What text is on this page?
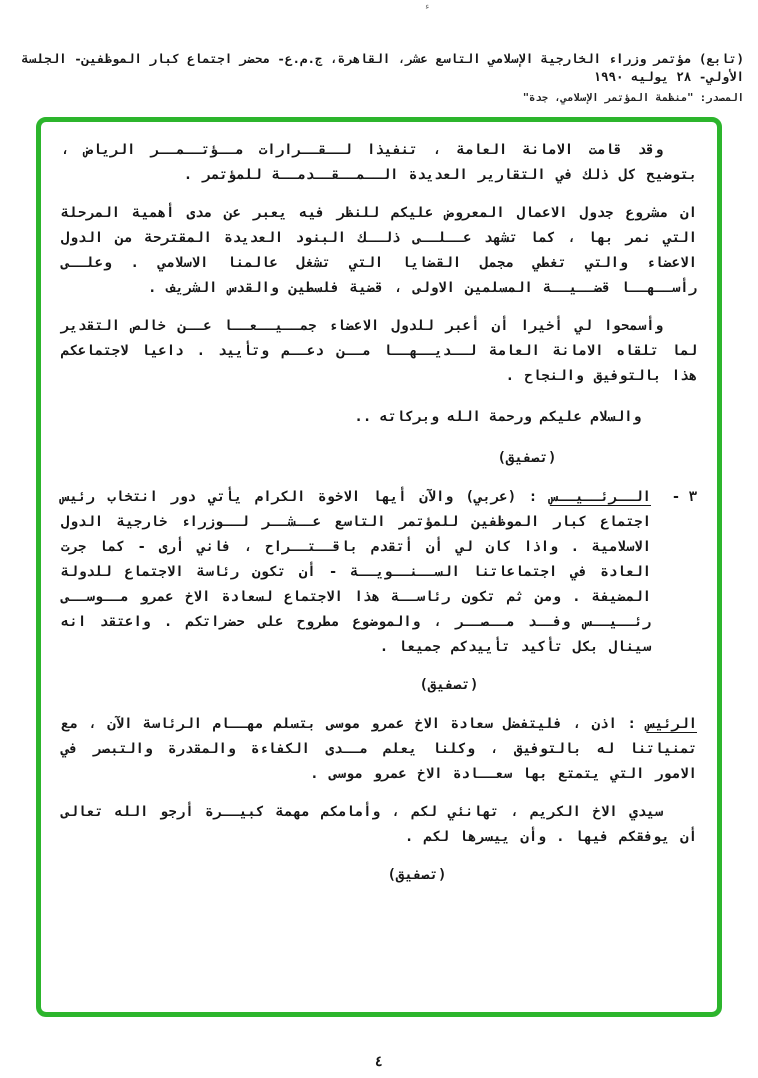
ء
(تابع) مؤتمر وزراء الخارجية الإسلامي التاسع عشر، القاهرة، ج.م.ع- محضر اجتماع كبار الموظفين- الجلسة الأولي- ٢٨ يوليه ١٩٩٠
المصدر: "منظمة المؤتمر الإسلامي، جدة"

وقد قامت الامانة العامة ، تنفيذا لــقــرارات مــؤتــمــر الرياض ، بتوضيح كل ذلك في التقارير العديدة الــمــقــدمــة للمؤتمر .

ان مشروع جدول الاعمال المعروض عليكم للنظر فيه يعبر عن مدى أهمية المرحلة التي نمر بها ، كما تشهد عــلــى ذلــك البنود العديدة المقترحة من الدول الاعضاء والتي تغطي مجمل القضايا التي تشغل عالمنا الاسلامي . وعلــى رأســهــا قضــيــة المسلمين الاولى ، قضية فلسطين والقدس الشريف .

وأسمحوا لي أخيرا أن أعبر للدول الاعضاء جمــيــعــا عــن خالص التقدير لما تلقاه الامانة العامة لــديــهــا مــن دعــم وتأييد . داعيا لاجتماعكم هذا بالتوفيق والنجاح .

والسلام عليكم ورحمة الله وبركاته ..

(تصفيق)

٣ -

الــرئــيــس : (عربي) والآن أيها الاخوة الكرام يأتي دور انتخاب رئيس اجتماع كبار الموظفين للمؤتمر التاسع عــشــر لــوزراء خارجية الدول الاسلامية . واذا كان لي أن أتقدم باقــتــراح ، فاني أرى - كما جرت العادة في اجتماعاتنا الســنــويــة - أن تكون رئاسة الاجتماع للدولة المضيفة . ومن ثم تكون رئاســة هذا الاجتماع لسعادة الاخ عمرو مــوســى رئــيــس وفــد مــصــر ، والموضوع مطروح على حضراتكم . واعتقد انه سينال بكل تأكيد تأييدكم جميعا .

(تصفيق)

الرئيس : اذن ، فليتفضل سعادة الاخ عمرو موسى بتسلم مهــام الرئاسة الآن ، مع تمنياتنا له بالتوفيق ، وكلنا يعلم مــدى الكفاءة والمقدرة والتبصر في الامور التي يتمتع بها سعــادة الاخ عمرو موسى .

سيدي الاخ الكريم ، تهانئي لكم ، وأمامكم مهمة كبيــرة أرجو الله تعالى أن يوفقكم فيها . وأن ييسرها لكم .

(تصفيق)

٤
